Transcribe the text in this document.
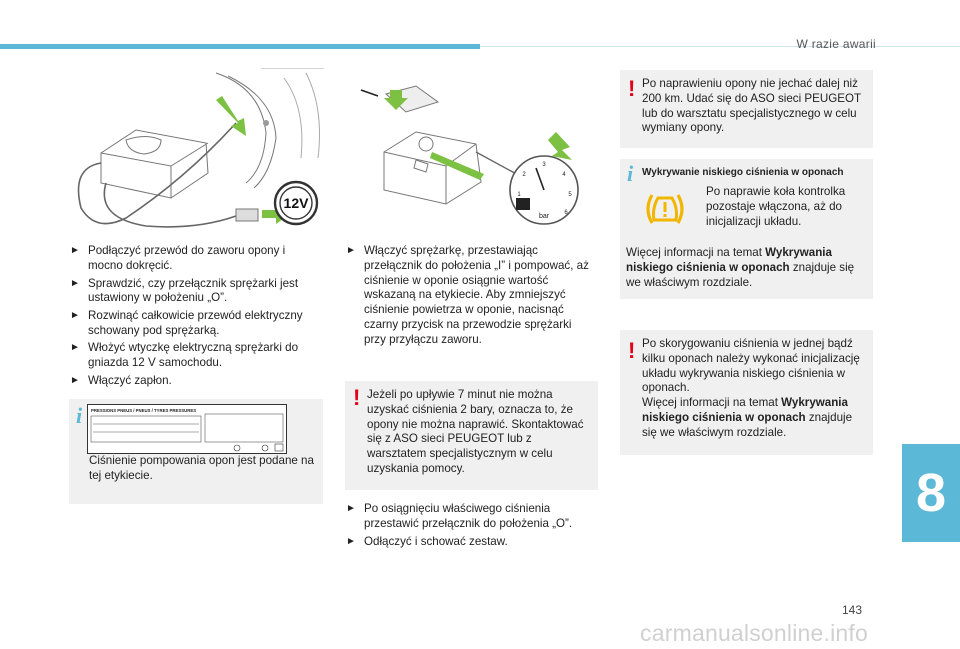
W razie awarii
12V	1
2
3
4
5
6
bar
► Podłączyć przewód do zaworu opony i mocno dokręcić.
► Sprawdzić, czy przełącznik sprężarki jest ustawiony w położeniu „O”.
► Rozwinąć całkowicie przewód elektryczny schowany pod sprężarką.
► Włożyć wtyczkę elektryczną sprężarki do gniazda 12 V samochodu.
► Włączyć zapłon.
i PRESSIONS PNEUS / PNEUS / TYRES PRESSURES
Ciśnienie pompowania opon jest podane na tej etykiecie.
► Włączyć sprężarkę, przestawiając przełącznik do położenia „I” i pompować, aż ciśnienie w oponie osiągnie wartość wskazaną na etykiecie. Aby zmniejszyć ciśnienie powietrza w oponie, nacisnąć czarny przycisk na przewodzie sprężarki przy przyłączu zaworu.
! Jeżeli po upływie 7 minut nie można uzyskać ciśnienia 2 bary, oznacza to, że opony nie można naprawić. Skontaktować się z ASO sieci PEUGEOT lub z warsztatem specjalistycznym w celu uzyskania pomocy.
► Po osiągnięciu właściwego ciśnienia przestawić przełącznik do położenia „O”.
► Odłączyć i schować zestaw.
! Po naprawieniu opony nie jechać dalej niż 200 km. Udać się do ASO sieci PEUGEOT lub do warsztatu specjalistycznego w celu wymiany opony.
i Wykrywanie niskiego ciśnienia w oponach
Po naprawie koła kontrolka pozostaje włączona, aż do inicjalizacji układu.
Więcej informacji na temat Wykrywania niskiego ciśnienia w oponach znajduje się we właściwym rozdziale.
! Po skorygowaniu ciśnienia w jednej bądź kilku oponach należy wykonać inicjalizację układu wykrywania niskiego ciśnienia w oponach.
Więcej informacji na temat Wykrywania niskiego ciśnienia w oponach znajduje się we właściwym rozdziale.
8
143
carmanualsonline.info
